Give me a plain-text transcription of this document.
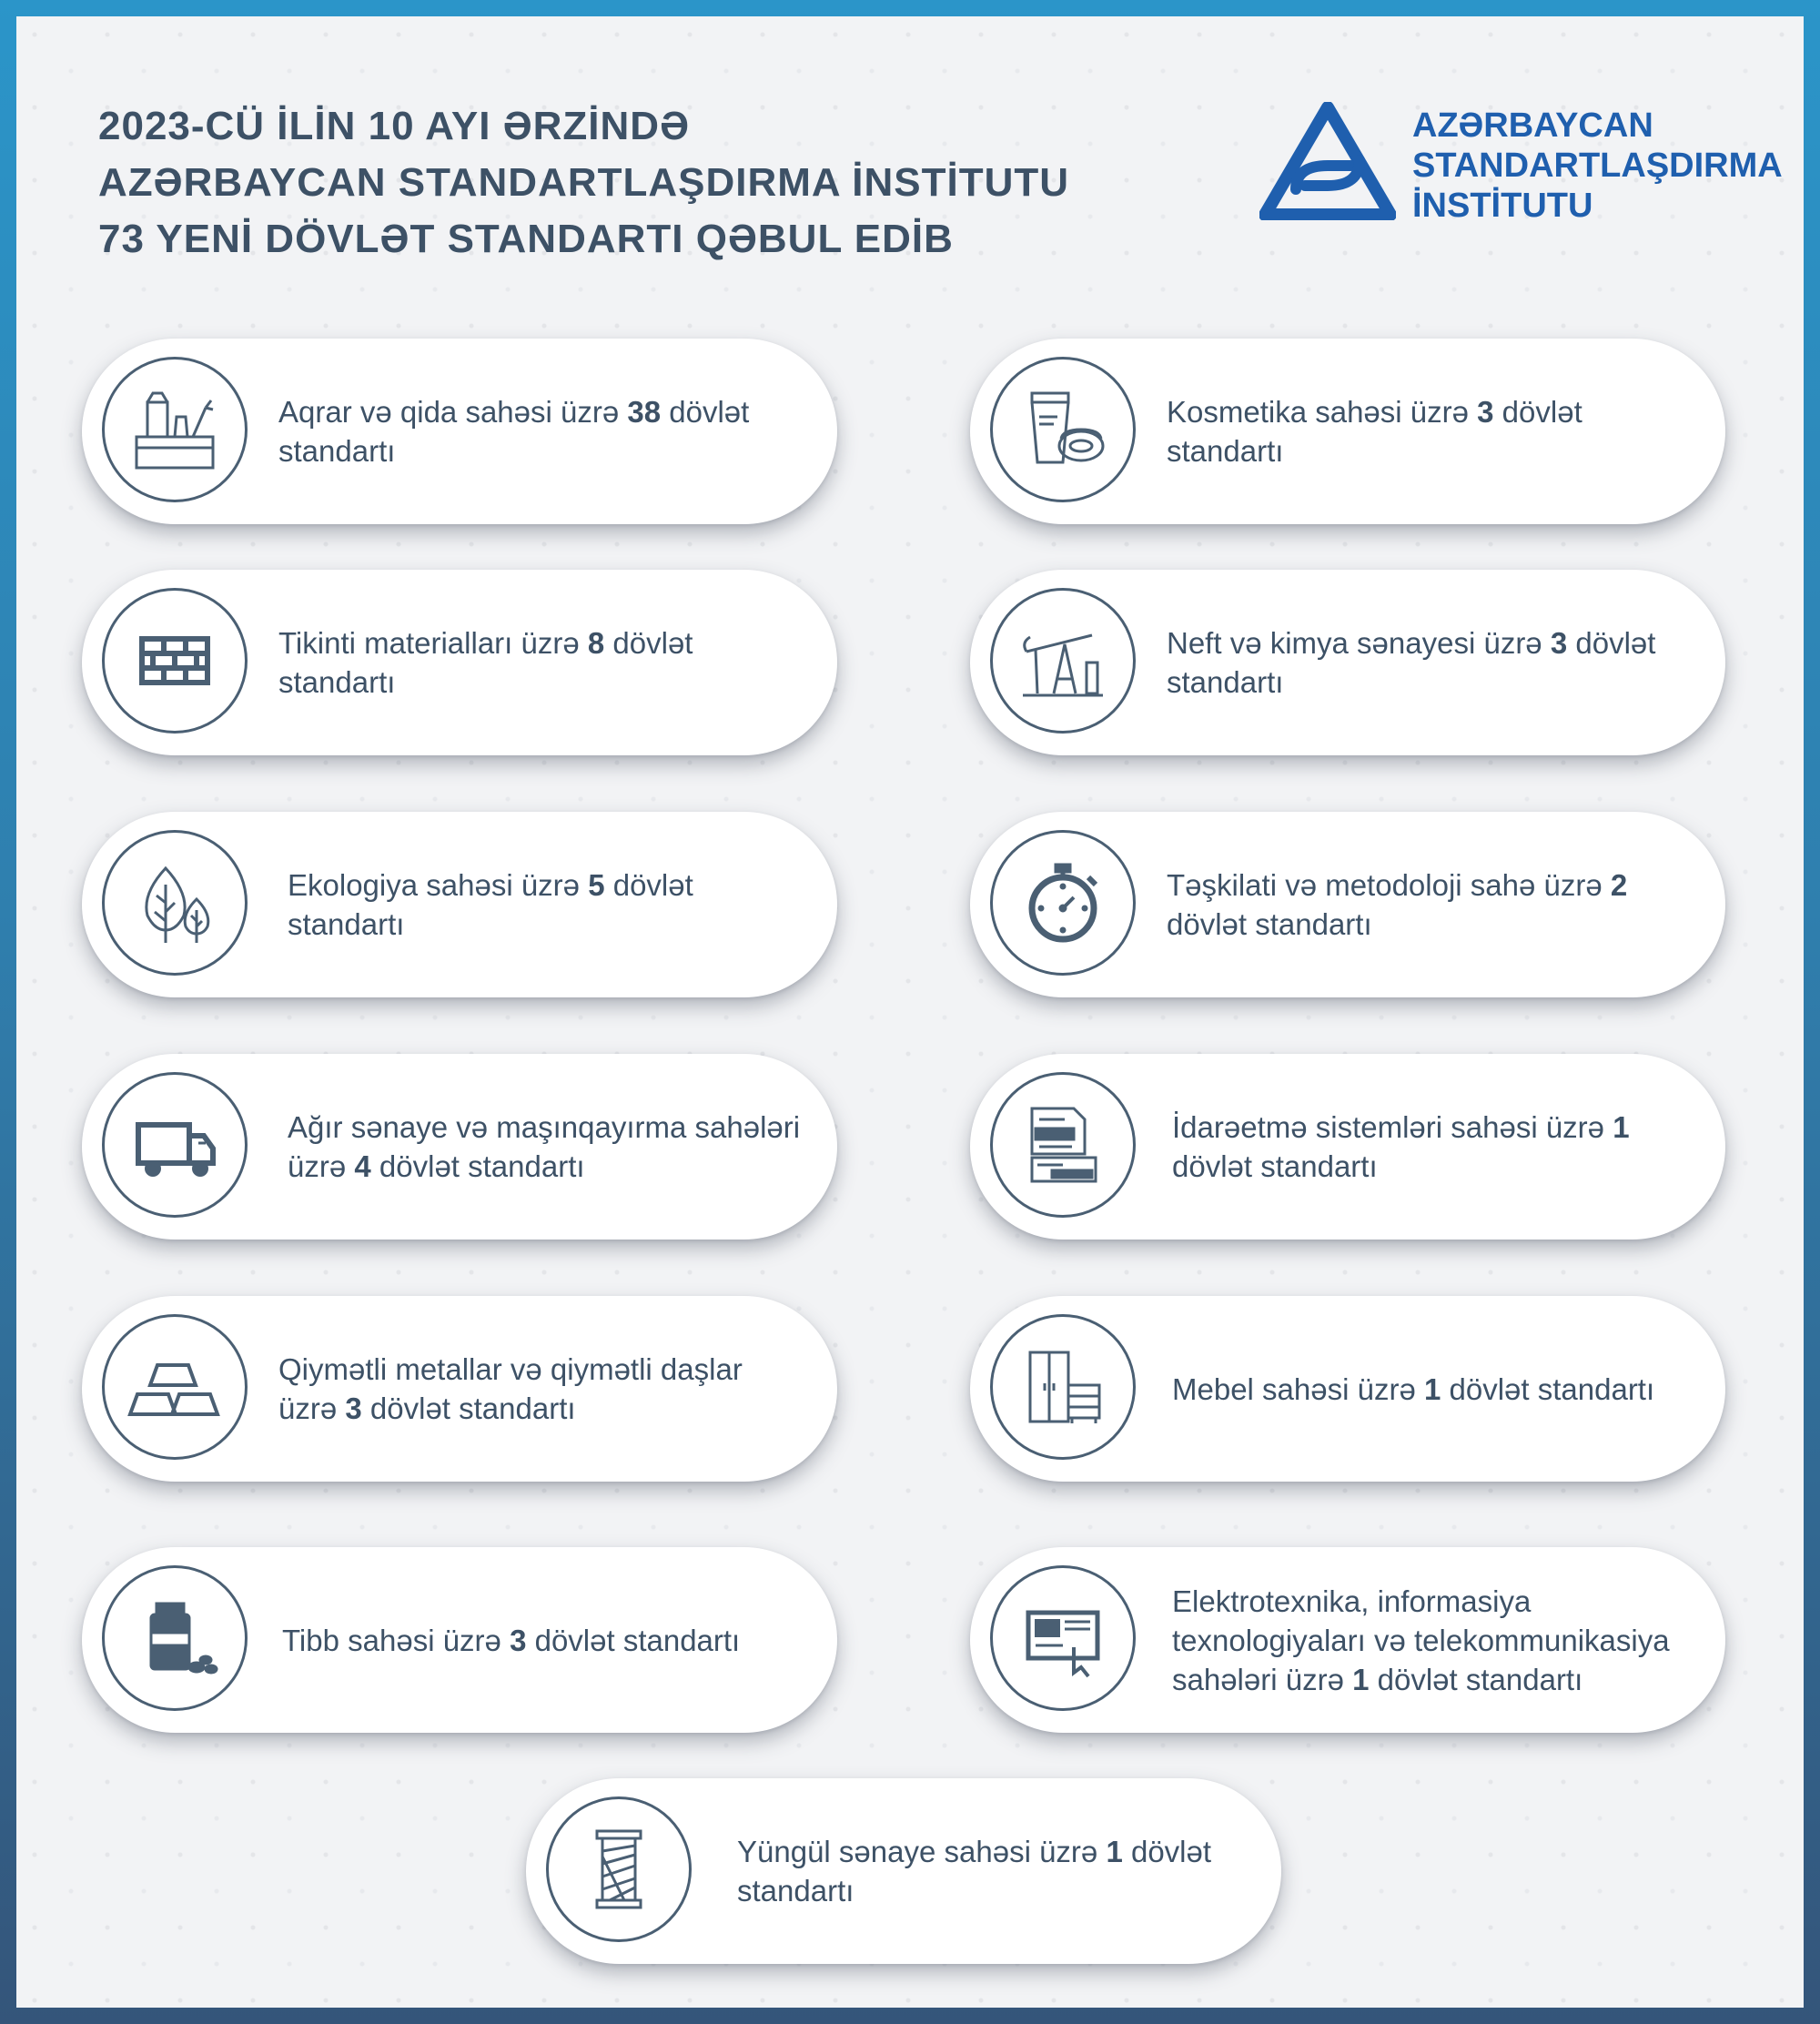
2023-CÜ İLİN 10 AYI ƏRZİNDƏ
AZƏRBAYCAN STANDARTLAŞDIRMA İNSTİTUTU
73 YENİ DÖVLƏT STANDARTI QƏBUL EDİB
AZƏRBAYCAN
STANDARTLAŞDIRMA
İNSTİTUTU
Aqrar və qida sahəsi üzrə 38 dövlət standartı
Kosmetika sahəsi üzrə 3 dövlət standartı
Tikinti materialları üzrə 8 dövlət standartı
Neft və kimya sənayesi üzrə 3 dövlət standartı
Ekologiya sahəsi üzrə 5 dövlət standartı
Təşkilati və metodoloji sahə üzrə 2 dövlət standartı
Ağır sənaye və maşınqayırma sahələri üzrə 4 dövlət standartı
İdarəetmə sistemləri sahəsi üzrə 1 dövlət standartı
Qiymətli metallar və qiymətli daşlar üzrə 3 dövlət standartı
Mebel sahəsi üzrə 1 dövlət standartı
Tibb sahəsi üzrə 3 dövlət standartı
Elektrotexnika, informasiya texnologiyaları və telekommunikasiya sahələri üzrə 1 dövlət standartı
Yüngül sənaye sahəsi üzrə 1 dövlət standartı
